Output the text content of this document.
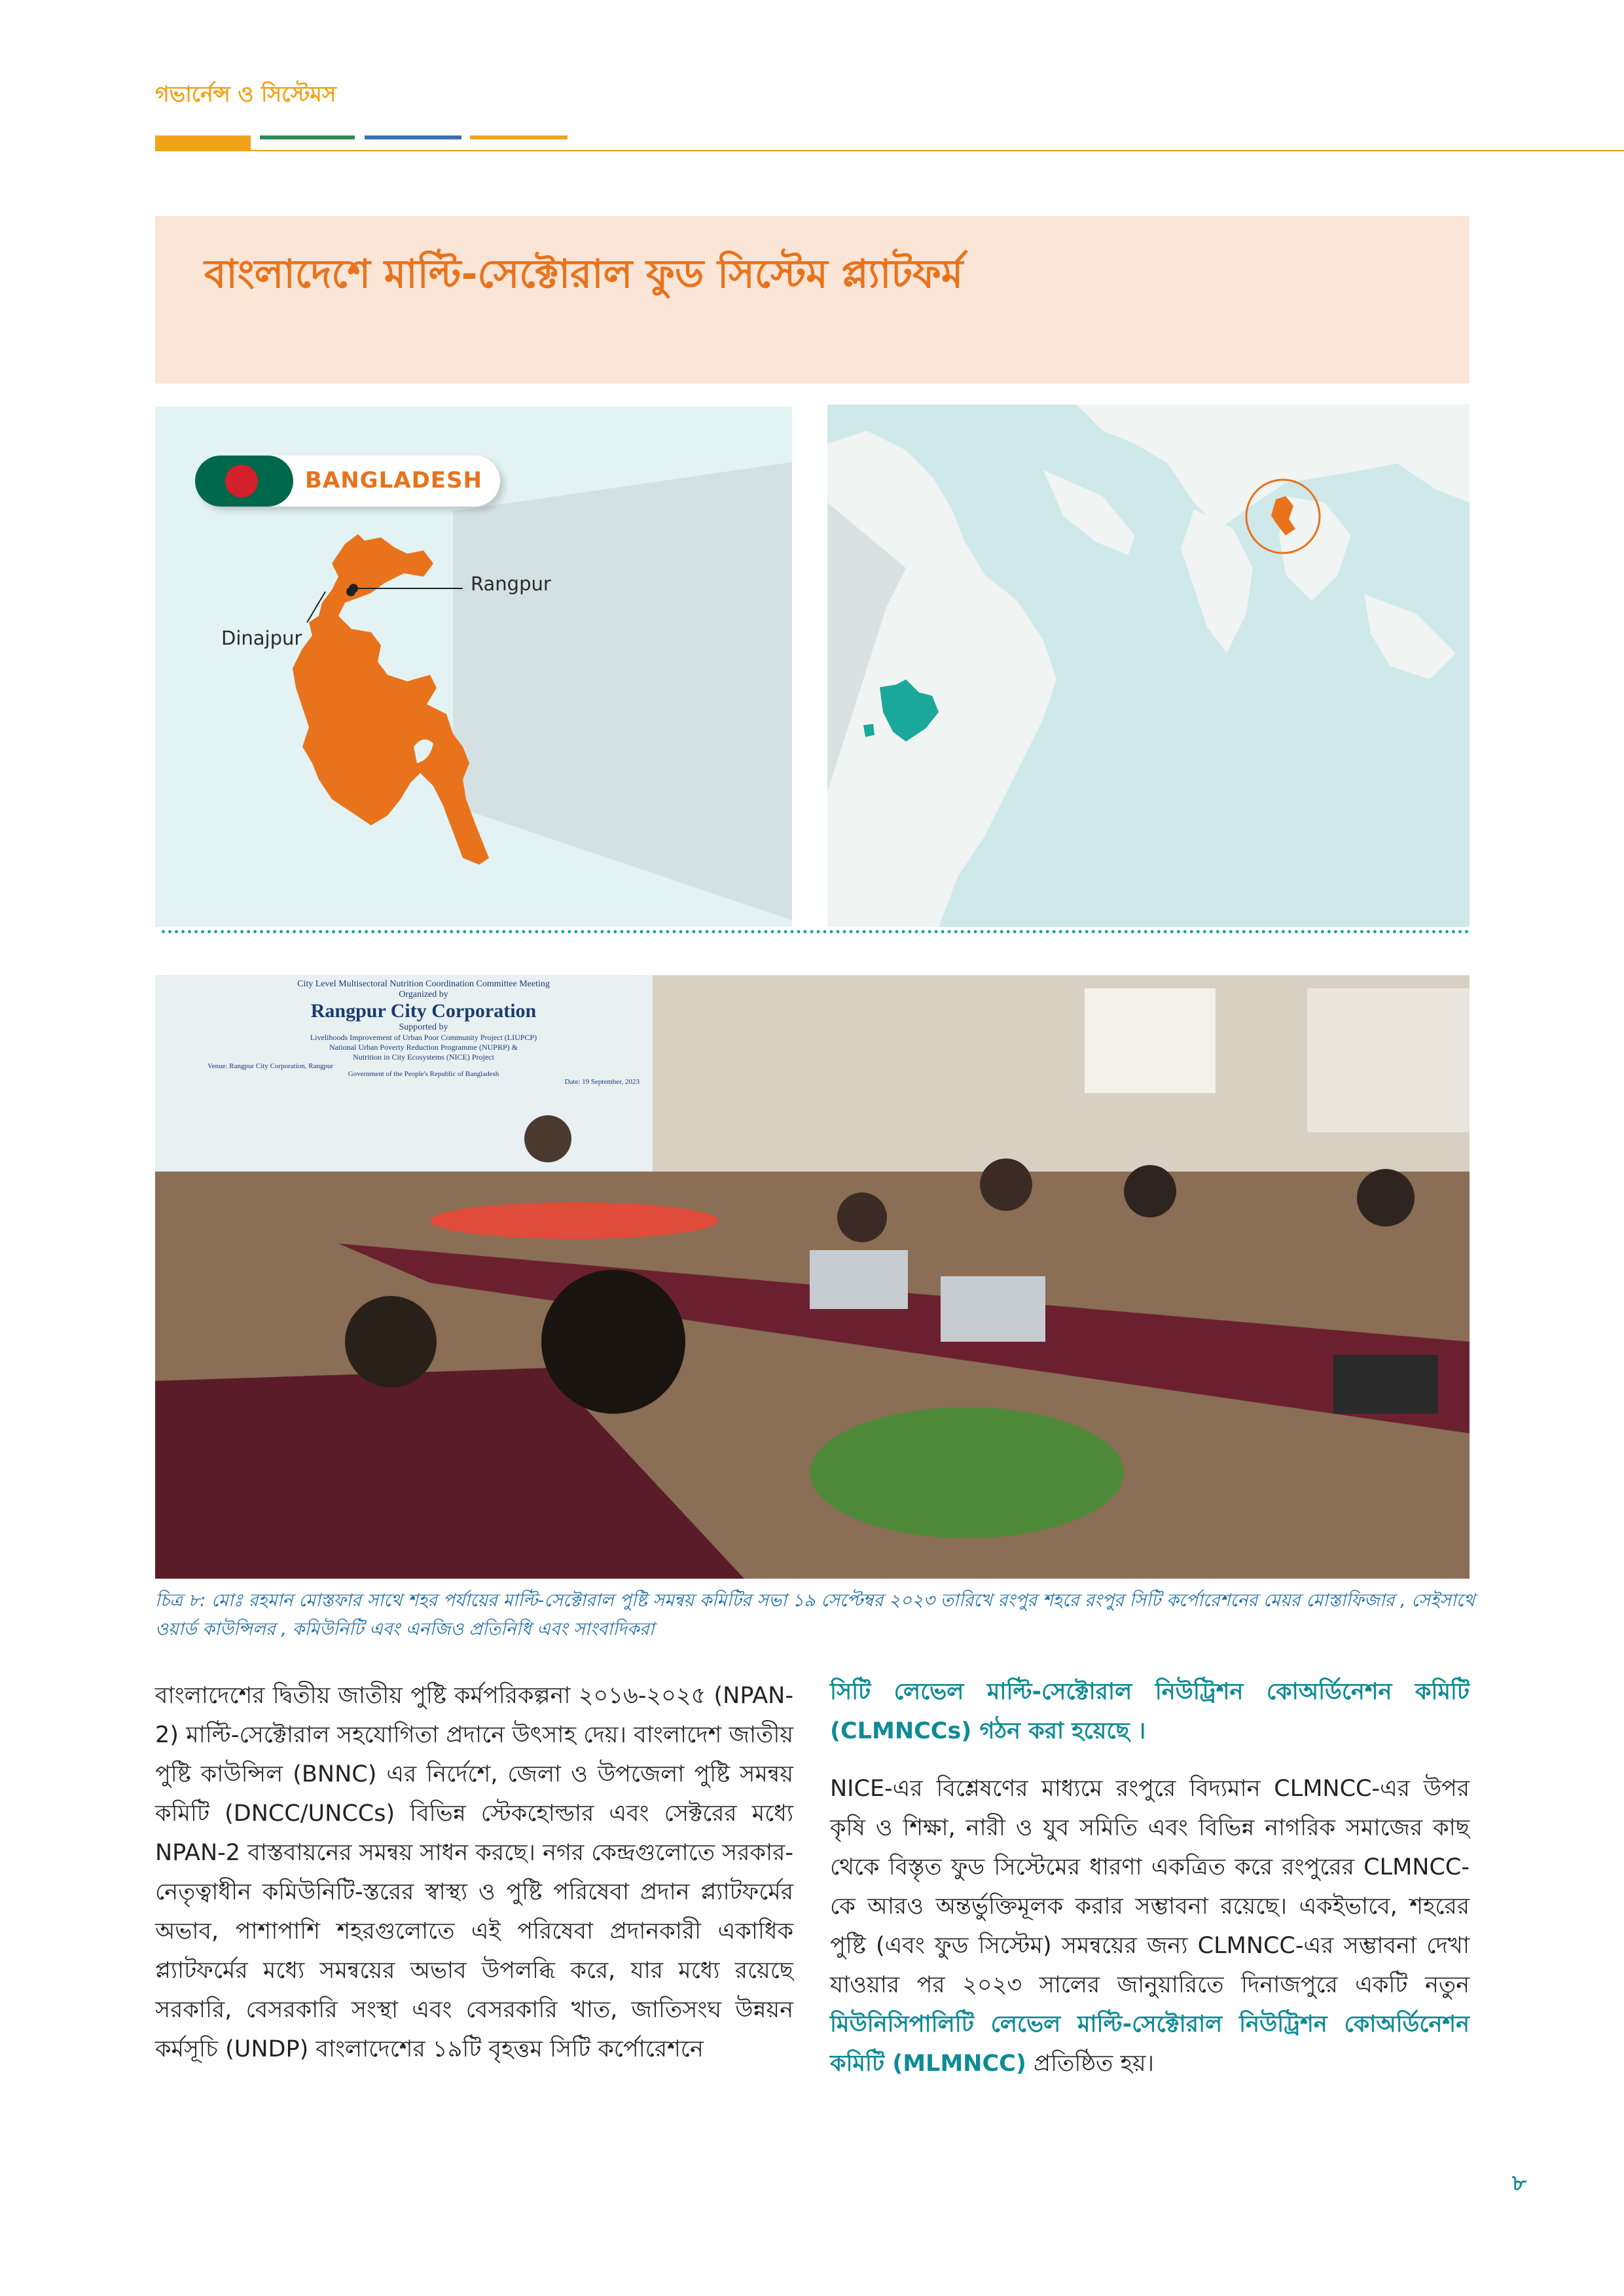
গভার্নেন্স ও সিস্টেমস
বাংলাদেশে মাল্টি-সেক্টোরাল ফুড সিস্টেম প্ল্যাটফর্ম
Rangpur
Dinajpur
BANGLADESH
City Level Multisectoral Nutrition Coordination Committee Meeting
Organized by
Rangpur City Corporation
Supported by
Livelihoods Improvement of Urban Poor Community Project (LIUPCP)
National Urban Poverty Reduction Programme (NUPRP) &
Nutrition in City Ecosystems (NICE) Project
Venue: Rangpur City Corporation, Rangpur
Government of the People's Republic of Bangladesh
Date: 19 September, 2023
চিত্র ৮: মোঃ রহমান মোস্তফার সাথে শহর পর্যায়ের মাল্টি-সেক্টোরাল পুষ্টি সমন্বয় কমিটির সভা ১৯ সেপ্টেম্বর ২০২৩ তারিখে রংপুর শহরে রংপুর সিটি কর্পোরেশনের মেয়র মোস্তাফিজার , সেইসাথে ওয়ার্ড কাউন্সিলর , কমিউনিটি এবং এনজিও প্রতিনিধি এবং সাংবাদিকরা

বাংলাদেশের দ্বিতীয় জাতীয় পুষ্টি কর্মপরিকল্পনা ২০১৬-২০২৫ (NPAN-2) মাল্টি-সেক্টোরাল সহযোগিতা প্রদানে উৎসাহ দেয়। বাংলাদেশ জাতীয় পুষ্টি কাউন্সিল (BNNC) এর নির্দেশে, জেলা ও উপজেলা পুষ্টি সমন্বয় কমিটি (DNCC/UNCCs) বিভিন্ন স্টেকহোল্ডার এবং সেক্টরের মধ্যে NPAN-2 বাস্তবায়নের সমন্বয় সাধন করছে। নগর কেন্দ্রগুলোতে সরকার-নেতৃত্বাধীন কমিউনিটি-স্তরের স্বাস্থ্য ও পুষ্টি পরিষেবা প্রদান প্ল্যাটফর্মের অভাব, পাশাপাশি শহরগুলোতে এই পরিষেবা প্রদানকারী একাধিক প্ল্যাটফর্মের মধ্যে সমন্বয়ের অভাব উপলব্ধি করে, যার মধ্যে রয়েছে সরকারি, বেসরকারি সংস্থা এবং বেসরকারি খাত, জাতিসংঘ উন্নয়ন কর্মসূচি (UNDP) বাংলাদেশের ১৯টি বৃহত্তম সিটি কর্পোরেশনে

সিটি লেভেল মাল্টি-সেক্টোরাল নিউট্রিশন কোঅর্ডিনেশন কমিটি (CLMNCCs) গঠন করা হয়েছে ।

NICE-এর বিশ্লেষণের মাধ্যমে রংপুরে বিদ্যমান CLMNCC-এর উপর কৃষি ও শিক্ষা, নারী ও যুব সমিতি এবং বিভিন্ন নাগরিক সমাজের কাছ থেকে বিস্তৃত ফুড সিস্টেমের ধারণা একত্রিত করে রংপুরের CLMNCC-কে আরও অন্তর্ভুক্তিমূলক করার সম্ভাবনা রয়েছে। একইভাবে, শহরের পুষ্টি (এবং ফুড সিস্টেম) সমন্বয়ের জন্য CLMNCC-এর সম্ভাবনা দেখা যাওয়ার পর ২০২৩ সালের জানুয়ারিতে দিনাজপুরে একটি নতুন মিউনিসিপালিটি লেভেল মাল্টি-সেক্টোরাল নিউট্রিশন কোঅর্ডিনেশন কমিটি (MLMNCC) প্রতিষ্ঠিত হয়।

৮
